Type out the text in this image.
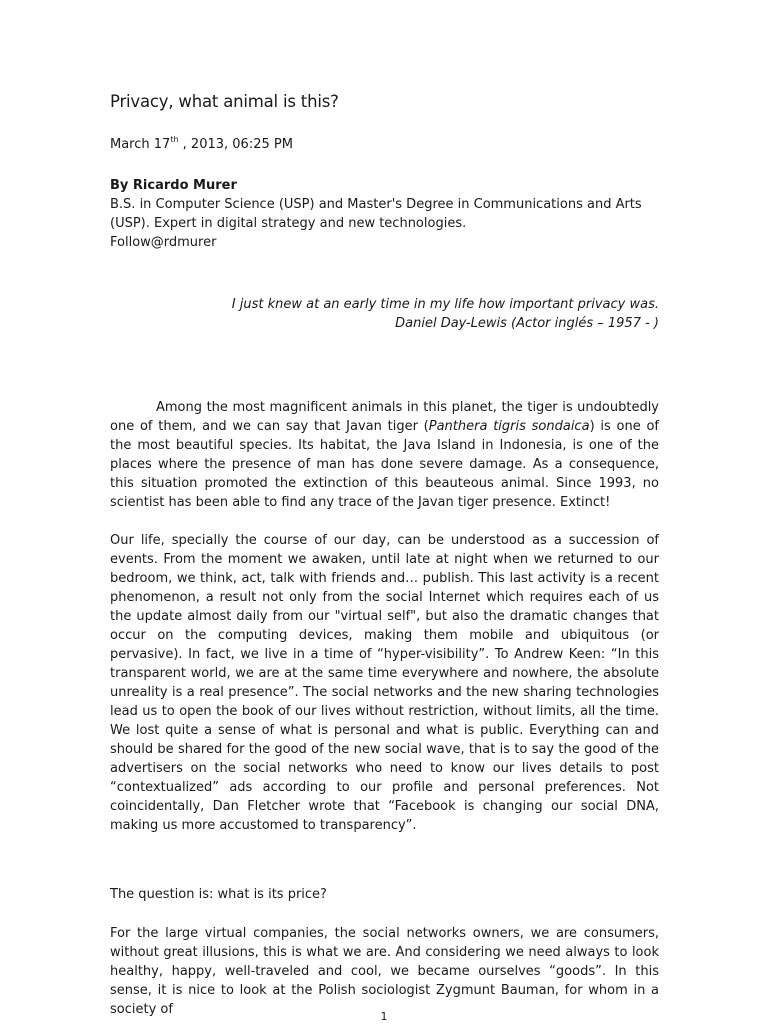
Privacy, what animal is this?

March 17th , 2013, 06:25 PM

By Ricardo Murer

B.S. in Computer Science (USP) and Master's Degree in Communications and Arts

(USP). Expert in digital strategy and new technologies.

Follow@rdmurer

I just knew at an early time in my life how important privacy was.

Daniel Day-Lewis (Actor inglés – 1957 - )

Among the most magnificent animals in this planet, the tiger is undoubtedly one of them, and we can say that Javan tiger (Panthera tigris sondaica) is one of the most beautiful species. Its habitat, the Java Island in Indonesia, is one of the places where the presence of man has done severe damage. As a consequence, this situation promoted the extinction of this beauteous animal. Since 1993, no scientist has been able to find any trace of the Javan tiger presence. Extinct!

Our life, specially the course of our day, can be understood as a succession of events. From the moment we awaken, until late at night when we returned to our bedroom, we think, act, talk with friends and… publish. This last activity is a recent phenomenon, a result not only from the social Internet which requires each of us the update almost daily from our "virtual self", but also the dramatic changes that occur on the computing devices, making them mobile and ubiquitous (or pervasive). In fact, we live in a time of “hyper-visibility”. To Andrew Keen: “In this transparent world, we are at the same time everywhere and nowhere, the absolute unreality is a real presence”. The social networks and the new sharing technologies lead us to open the book of our lives without restriction, without limits, all the time. We lost quite a sense of what is personal and what is public. Everything can and should be shared for the good of the new social wave, that is to say the good of the advertisers on the social networks who need to know our lives details to post “contextualized” ads according to our profile and personal preferences. Not coincidentally, Dan Fletcher wrote that “Facebook is changing our social DNA, making us more accustomed to transparency”.

The question is: what is its price?

For the large virtual companies, the social networks owners, we are consumers, without great illusions, this is what we are. And considering we need always to look healthy, happy, well-traveled and cool, we became ourselves “goods”. In this sense, it is nice to look at the Polish sociologist Zygmunt Bauman, for whom in a society of	1
